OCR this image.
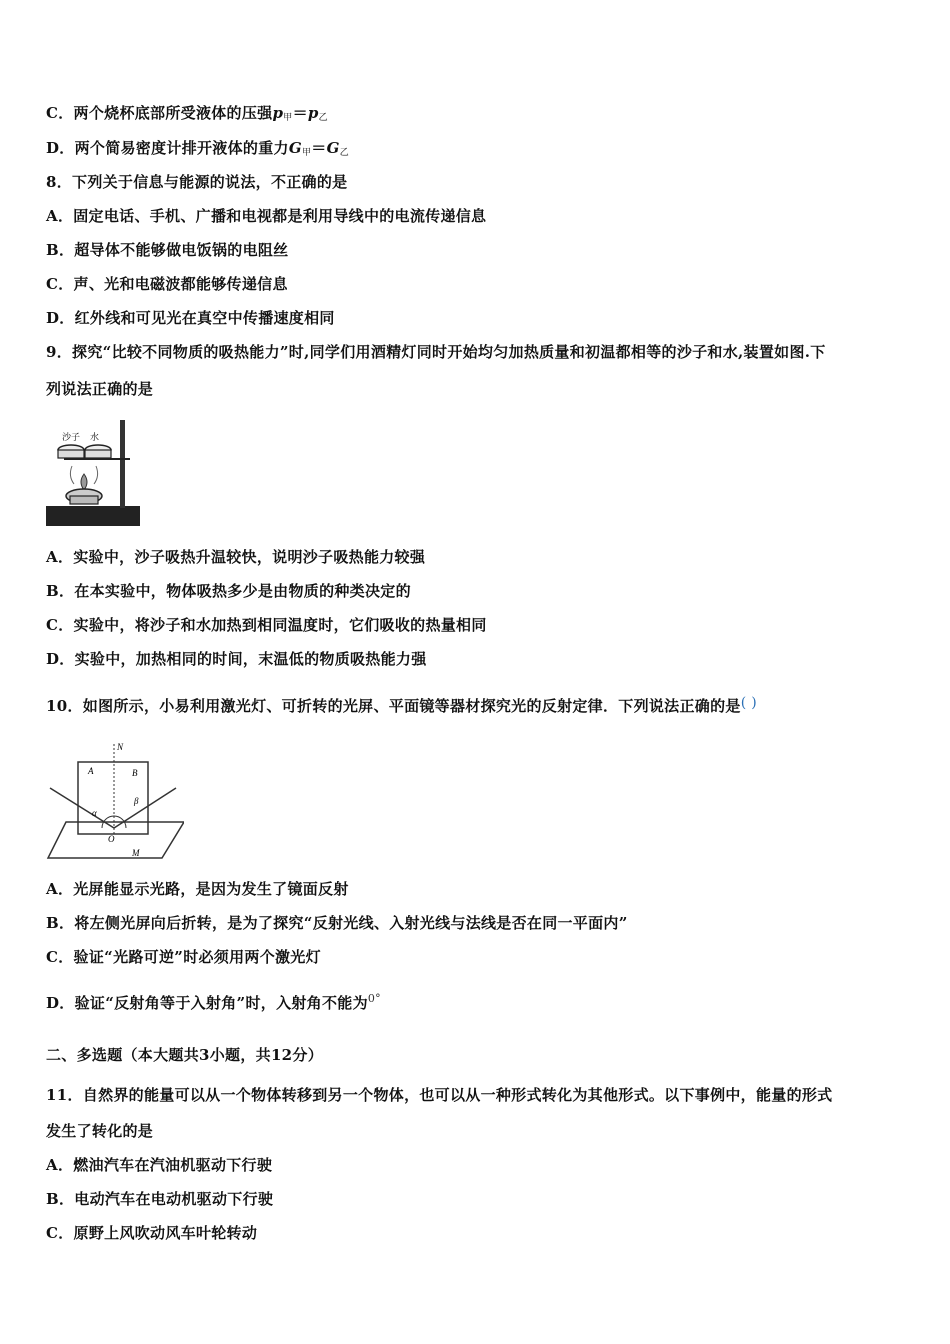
C．两个烧杯底部所受液体的压强$p_甲=p_乙$
D．两个简易密度计排开液体的重力$G_甲=G_乙$
8．下列关于信息与能源的说法，不正确的是
A．固定电话、手机、广播和电视都是利用导线中的电流传递信息
B．超导体不能够做电饭锅的电阻丝
C．声、光和电磁波都能够传递信息
D．红外线和可见光在真空中传播速度相同
9．探究“比较不同物质的吸热能力”时,同学们用酒精灯同时开始均匀加热质量和初温都相等的沙子和水,装置如图.下
列说法正确的是
沙子 水
A．实验中，沙子吸热升温较快，说明沙子吸热能力较强
B．在本实验中，物体吸热多少是由物质的种类决定的
C．实验中，将沙子和水加热到相同温度时，它们吸收的热量相同
D．实验中，加热相同的时间，末温低的物质吸热能力强
10．如图所示，小易利用激光灯、可折转的光屏、平面镜等器材探究光的反射定律．下列说法正确的是( )
N
A	B
α
β
O
M
A．光屏能显示光路，是因为发生了镜面反射
B．将左侧光屏向后折转，是为了探究“反射光线、入射光线与法线是否在同一平面内”
C．验证“光路可逆”时必须用两个激光灯
D．验证“反射角等于入射角”时，入射角不能为$^{0^\circ}$
二、多选题（本大题共3小题，共12分）
11．自然界的能量可以从一个物体转移到另一个物体，也可以从一种形式转化为其他形式。以下事例中，能量的形式
发生了转化的是
A．燃油汽车在汽油机驱动下行驶
B．电动汽车在电动机驱动下行驶
C．原野上风吹动风车叶轮转动
